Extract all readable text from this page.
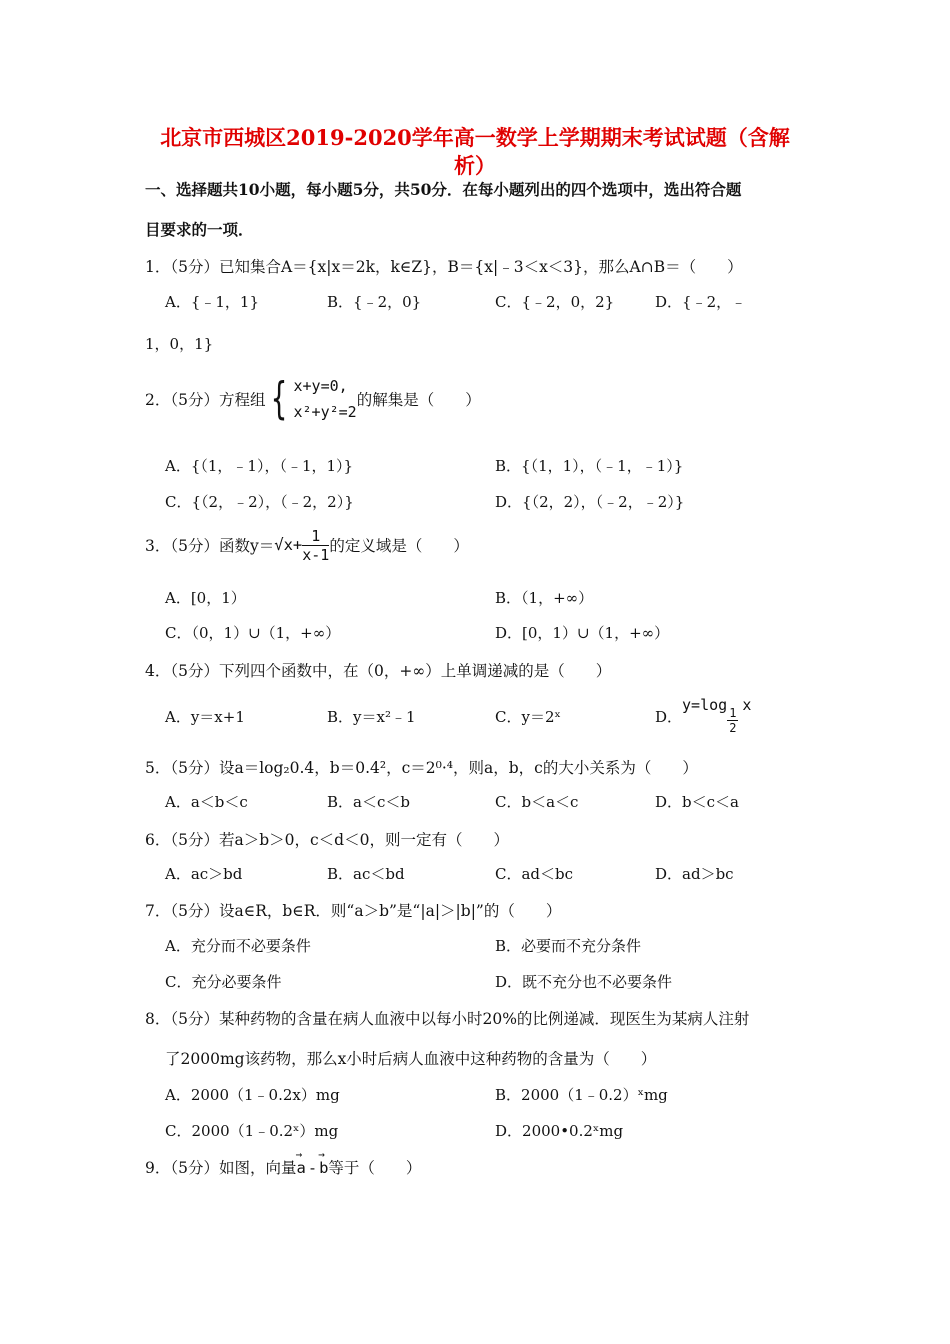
北京市西城区2019-2020学年高一数学上学期期末考试试题（含解
析）
一、选择题共10小题，每小题5分，共50分．在每小题列出的四个选项中，选出符合题
目要求的一项．
1．（5分）已知集合A＝{x|x＝2k，k∈Z}，B＝{x|﹣3＜x＜3}，那么A∩B＝（　　）
A．{﹣1，1}	B．{﹣2，0}	C．{﹣2，0，2}	D．{﹣2，﹣
1，0，1}
2．（5分）方程组 { x+y=0,
x²+y²=2
的解集是（　　）
A．{（1，﹣1），（﹣1，1）}	B．{（1，1），（﹣1，﹣1）}
C．{（2，﹣2），（﹣2，2）}	D．{（2，2），（﹣2，﹣2）}
3．（5分）函数$y= √x+ \frac{1}{x-1}$ 的定义域是（　　）
A．[0，1）	B．（1，+∞）
C．（0，1）∪（1，+∞）	D．[0，1）∪（1，+∞）
4．（5分）下列四个函数中，在（0，+∞）上单调递减的是（　　）
A．y＝x+1	B．y＝x²﹣1	C．y＝2ˣ	D．
y=log
$\frac{1}{2}$
x
5．（5分）设a＝log₂0.4，b＝0.4²，c＝2⁰·⁴，则a，b，c的大小关系为（　　）
A．a＜b＜c	B．a＜c＜b	C．b＜a＜c	D．b＜c＜a
6．（5分）若a＞b＞0，c＜d＜0，则一定有（　　）
A．ac＞bd	B．ac＜bd	C．ad＜bc	D．ad＞bc
7．（5分）设a∈R，b∈R．则“a＞b”是“|a|＞|b|”的（　　）
A．充分而不必要条件	B．必要而不充分条件
C．充分必要条件	D．既不充分也不必要条件
8．（5分）某种药物的含量在病人血液中以每小时20%的比例递减．现医生为某病人注射
了2000mg该药物，那么x小时后病人血液中这种药物的含量为（　　）
A．2000（1﹣0.2x）mg	B．2000（1﹣0.2）ˣmg
C．2000（1﹣0.2ˣ）mg	D．2000•0.2ˣmg
9．（5分）如图，向量 → a - → b 等于（　　）
